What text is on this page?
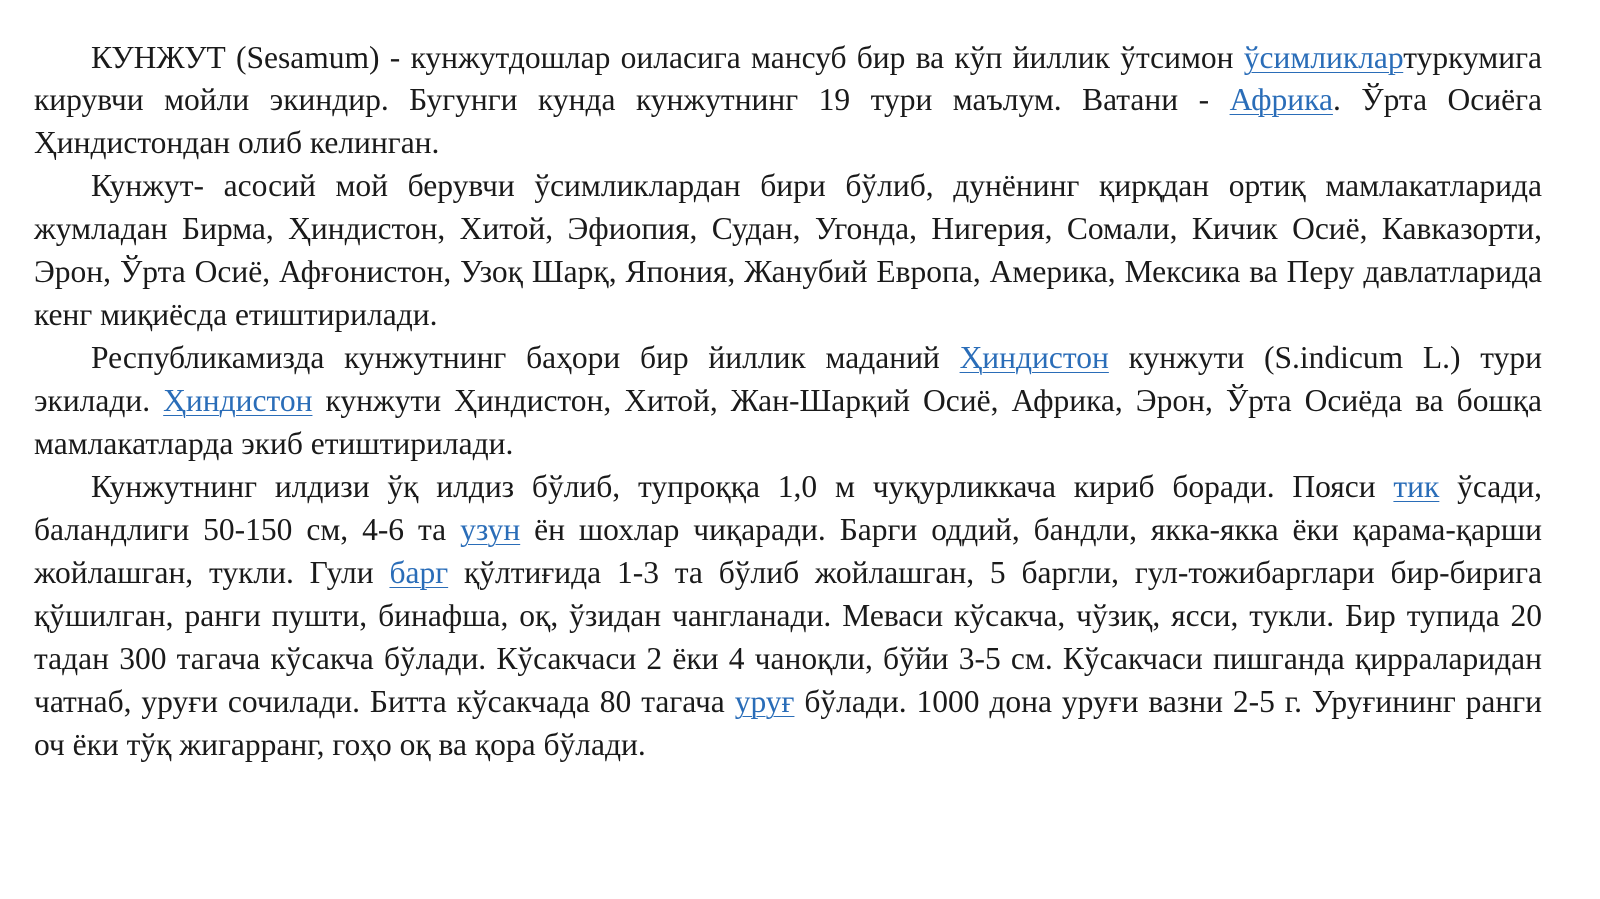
КУНЖУТ (Sesamum) - кунжутдошлар оиласига мансуб бир ва кўп йиллик ўтсимон ўсимликлартуркумига кирувчи мойли экиндир. Бугунги кунда кунжутнинг 19 тури маълум. Ватани - Африка. Ўрта Осиёга Ҳиндистондан олиб келинган.

Кунжут- асосий мой берувчи ўсимликлардан бири бўлиб, дунёнинг қирқдан ортиқ мамлакатларида жумладан Бирма, Ҳиндистон, Хитой, Эфиопия, Судан, Угонда, Нигерия, Сомали, Кичик Осиё, Кавказорти, Эрон, Ўрта Осиё, Афғонистон, Узоқ Шарқ, Япония, Жанубий Европа, Америка, Мексика ва Перу давлатларида кенг миқиёсда етиштирилади.

Республикамизда кунжутнинг баҳори бир йиллик маданий Ҳиндистон кунжути (S.indicum L.) тури экилади. Ҳиндистон кунжути Ҳиндистон, Хитой, Жан-Шарқий Осиё, Африка, Эрон, Ўрта Осиёда ва бошқа мамлакатларда экиб етиштирилади.

Кунжутнинг илдизи ўқ илдиз бўлиб, тупроққа 1,0 м чуқурликкача кириб боради. Пояси тик ўсади, баландлиги 50-150 см, 4-6 та узун ён шохлар чиқаради. Барги оддий, бандли, якка-якка ёки қарама-қарши жойлашган, тукли. Гули барг қўлтиғида 1-3 та бўлиб жойлашган, 5 баргли, гул-тожибарглари бир-бирига қўшилган, ранги пушти, бинафша, оқ, ўзидан чангланади. Меваси кўсакча, чўзиқ, ясси, тукли. Бир тупида 20 тадан 300 тагача кўсакча бўлади. Кўсакчаси 2 ёки 4 чаноқли, бўйи 3-5 см. Кўсакчаси пишганда қирраларидан чатнаб, уруғи сочилади. Битта кўсакчада 80 тагача уруғ бўлади. 1000 дона уруғи вазни 2-5 г. Уруғининг ранги оч ёки тўқ жигарранг, гоҳо оқ ва қора бўлади.
